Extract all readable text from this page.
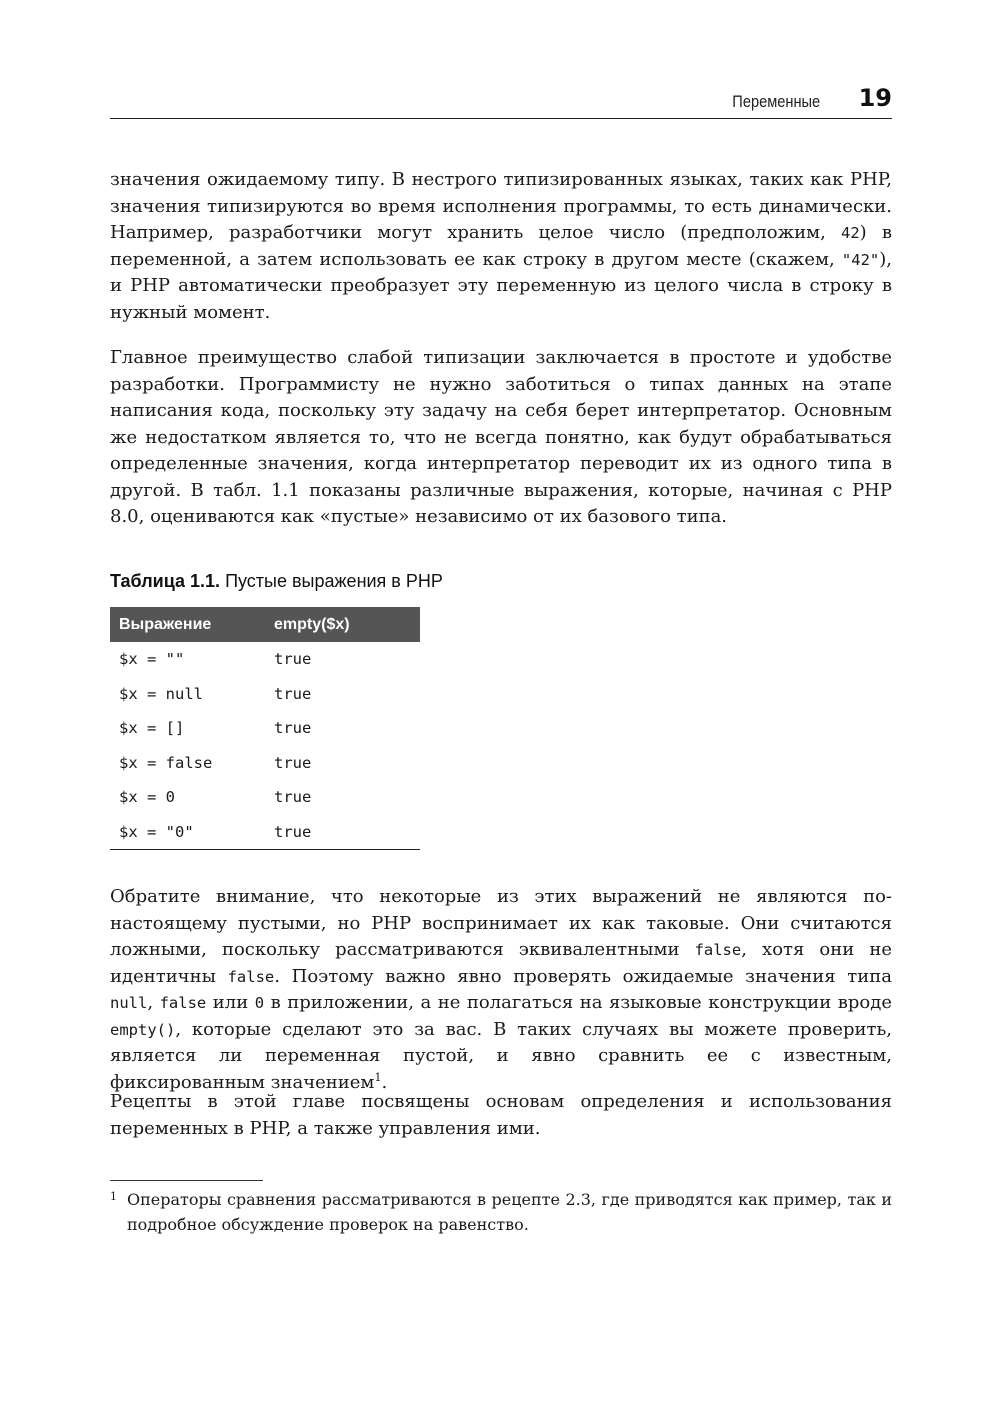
Переменные 19

значения ожидаемому типу. В нестрого типизированных языках, таких как PHP, значения типизируются во время исполнения программы, то есть динамически. Например, разработчики могут хранить целое число (предположим, 42) в переменной, а затем использовать ее как строку в другом месте (скажем, "42"), и PHP автоматически преобразует эту переменную из целого числа в строку в нужный момент.

Главное преимущество слабой типизации заключается в простоте и удобстве разработки. Программисту не нужно заботиться о типах данных на этапе написания кода, поскольку эту задачу на себя берет интерпретатор. Основным же недостатком является то, что не всегда понятно, как будут обрабатываться определенные значения, когда интерпретатор переводит их из одного типа в другой. В табл. 1.1 показаны различные выражения, которые, начиная с PHP 8.0, оцениваются как «пустые» независимо от их базового типа.

Таблица 1.1. Пустые выражения в PHP
Выражение	empty($x)
$x = ""	true
$x = null	true
$x = []	true
$x = false	true
$x = 0	true
$x = "0"	true

Обратите внимание, что некоторые из этих выражений не являются по-настоящему пустыми, но PHP воспринимает их как таковые. Они считаются ложными, поскольку рассматриваются эквивалентными false, хотя они не идентичны false. Поэтому важно явно проверять ожидаемые значения типа null, false или 0 в приложении, а не полагаться на языковые конструкции вроде empty(), которые сделают это за вас. В таких случаях вы можете проверить, является ли переменная пустой, и явно сравнить ее с известным, фиксированным значением$^1$.

Рецепты в этой главе посвящены основам определения и использования переменных в PHP, а также управления ими.

1 Операторы сравнения рассматриваются в рецепте 2.3, где приводятся как пример, так и подробное обсуждение проверок на равенство.
